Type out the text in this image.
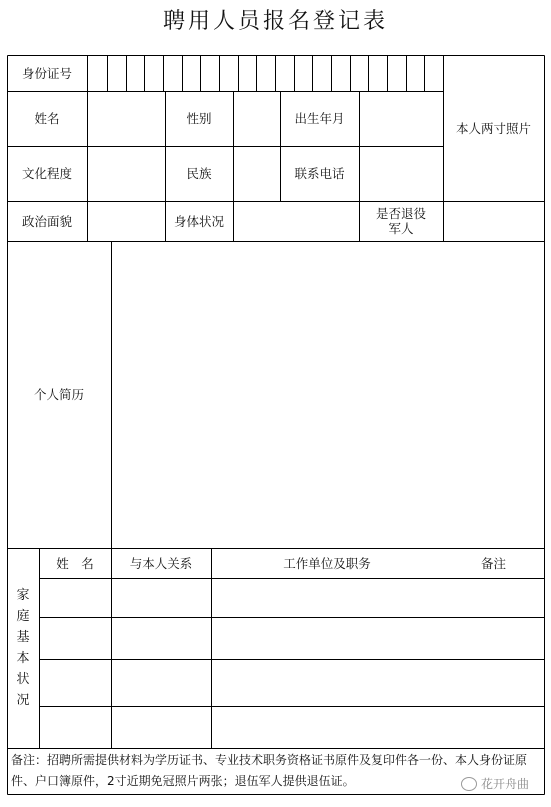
聘用人员报名登记表
身份证号
姓名	性别	出生年月
本人两寸照片
文化程度	民族	联系电话
政治面貌	身体状况	是否退役军人
个人简历
家
庭
基
本
状
况
姓　名	与本人关系	工作单位及职务	备注
备注：招聘所需提供材料为学历证书、专业技术职务资格证书原件及复印件各一份、本人身份证原件、户口簿原件，2寸近期免冠照片两张；退伍军人提供退伍证。	花开舟曲
